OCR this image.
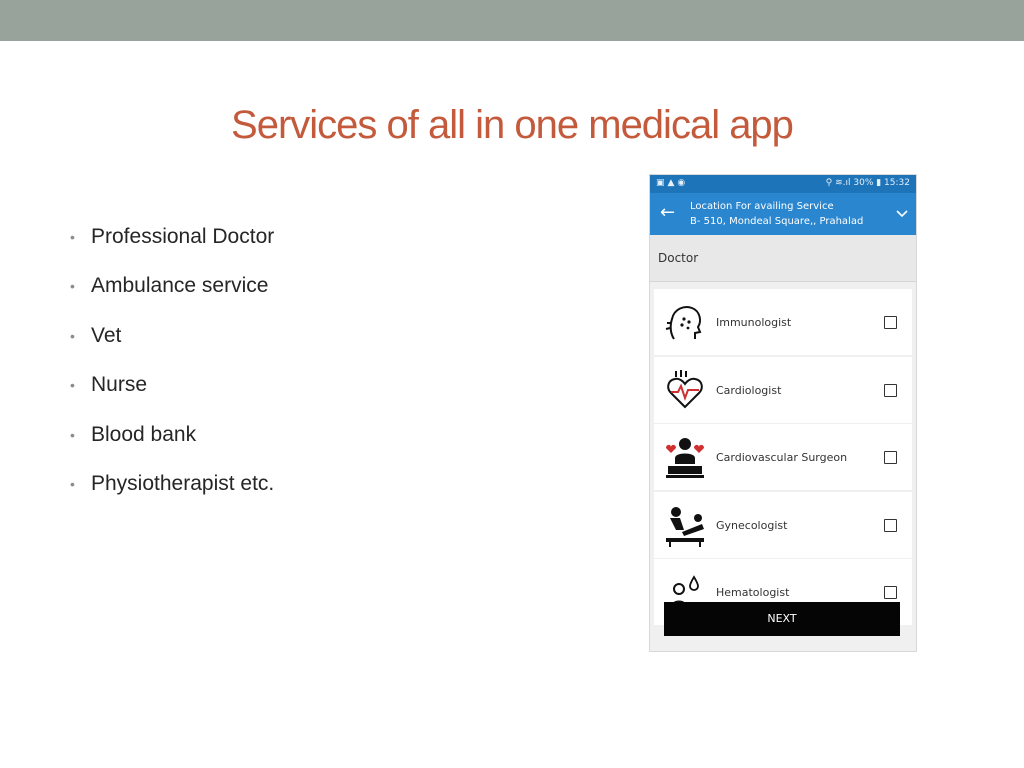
Services of all in one medical app
• Professional Doctor
• Ambulance service
• Vet
• Nurse
• Blood bank
• Physiotherapist etc.
▣▲◉	⚲ ≋.ıl 30% ▮ 15:32
← Location For availing Service
B- 510, Mondeal Square,, Prahalad
Doctor
Immunologist
Cardiologist
Cardiovascular Surgeon
Gynecologist
Hematologist
NEXT
